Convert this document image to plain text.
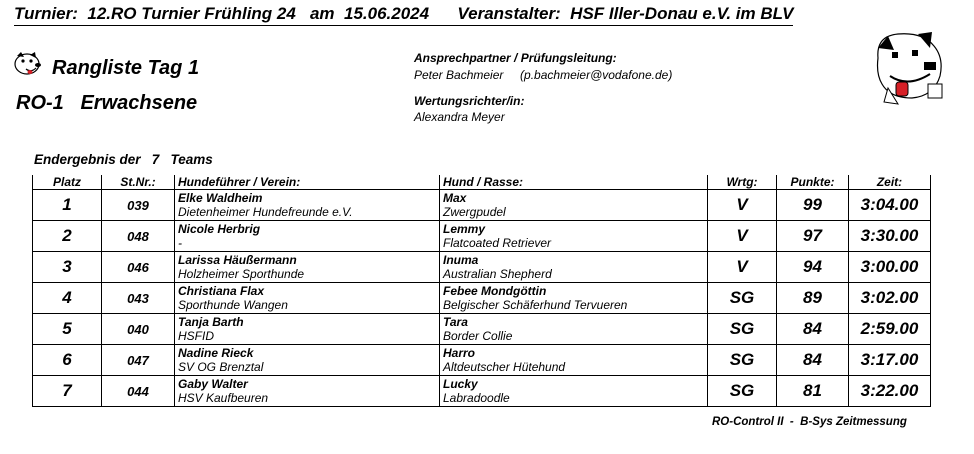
Turnier:  12.RO Turnier Frühling 24   am  15.06.2024      Veranstalter:  HSF Iller-Donau e.V. im BLV
Rangliste Tag 1
RO-1   Erwachsene
Ansprechpartner / Prüfungsleitung:
Peter Bachmeier     (p.bachmeier@vodafone.de)
Wertungsrichter/in:
Alexandra Meyer
Endergebnis der   7   Teams
Platz	St.Nr.:	Hundeführer / Verein:	Hund / Rasse:	Wrtg:	Punkte:	Zeit:
1	039	Elke Waldheim
Dietenheimer Hundefreunde e.V.	Max
Zwergpudel	V	99	3:04.00
2	048	Nicole Herbrig
-	Lemmy
Flatcoated Retriever	V	97	3:30.00
3	046	Larissa Häußermann
Holzheimer Sporthunde	Inuma
Australian Shepherd	V	94	3:00.00
4	043	Christiana Flax
Sporthunde Wangen	Febee Mondgöttin
Belgischer Schäferhund Tervueren	SG	89	3:02.00
5	040	Tanja Barth
HSFID	Tara
Border Collie	SG	84	2:59.00
6	047	Nadine Rieck
SV OG Brenztal	Harro
Altdeutscher Hütehund	SG	84	3:17.00
7	044	Gaby Walter
HSV Kaufbeuren	Lucky
Labradoodle	SG	81	3:22.00
RO-Control II  -  B-Sys Zeitmessung
